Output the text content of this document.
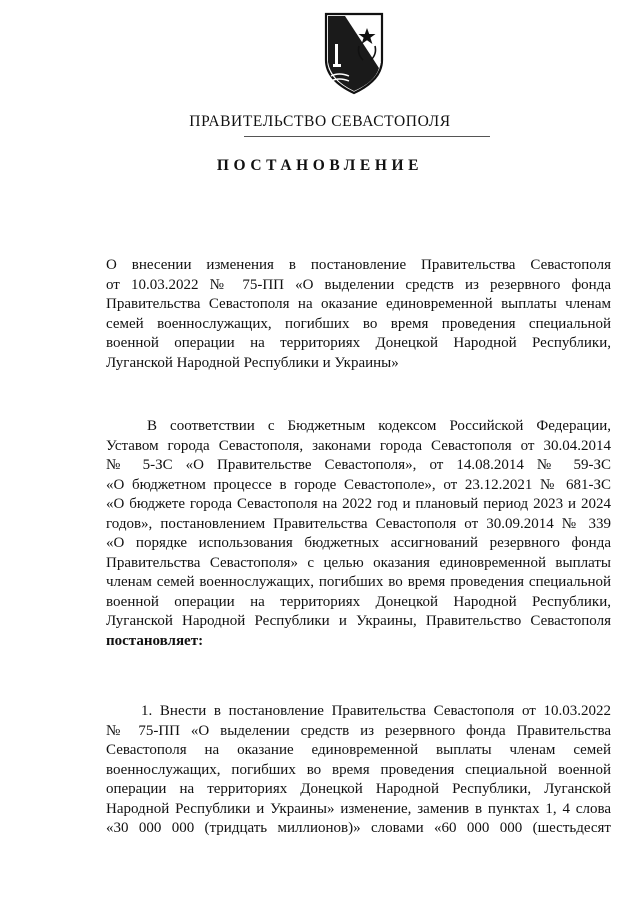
ПРАВИТЕЛЬСТВО СЕВАСТОПОЛЯ
ПОСТАНОВЛЕНИЕ
О внесении изменения в постановление Правительства Севастополя
от 10.03.2022 № 75-ПП «О выделении средств из резервного фонда
Правительства Севастополя на оказание единовременной выплаты членам
семей военнослужащих, погибших во время проведения специальной
военной операции на территориях Донецкой Народной Республики,
Луганской Народной Республики и Украины»
В соответствии с Бюджетным кодексом Российской Федерации,
Уставом города Севастополя, законами города Севастополя от 30.04.2014
№ 5-ЗС «О Правительстве Севастополя», от 14.08.2014 № 59-ЗС
«О бюджетном процессе в городе Севастополе», от 23.12.2021 № 681-ЗС
«О бюджете города Севастополя на 2022 год и плановый период 2023 и 2024
годов», постановлением Правительства Севастополя от 30.09.2014 № 339
«О порядке использования бюджетных ассигнований резервного фонда
Правительства Севастополя» с целью оказания единовременной выплаты
членам семей военнослужащих, погибших во время проведения специальной
военной операции на территориях Донецкой Народной Республики,
Луганской Народной Республики и Украины, Правительство Севастополя
постановляет:
1. Внести в постановление Правительства Севастополя от 10.03.2022
№ 75-ПП «О выделении средств из резервного фонда Правительства
Севастополя на оказание единовременной выплаты членам семей
военнослужащих, погибших во время проведения специальной военной
операции на территориях Донецкой Народной Республики, Луганской
Народной Республики и Украины» изменение, заменив в пунктах 1, 4 слова
«30 000 000 (тридцать миллионов)» словами «60 000 000 (шестьдесят
